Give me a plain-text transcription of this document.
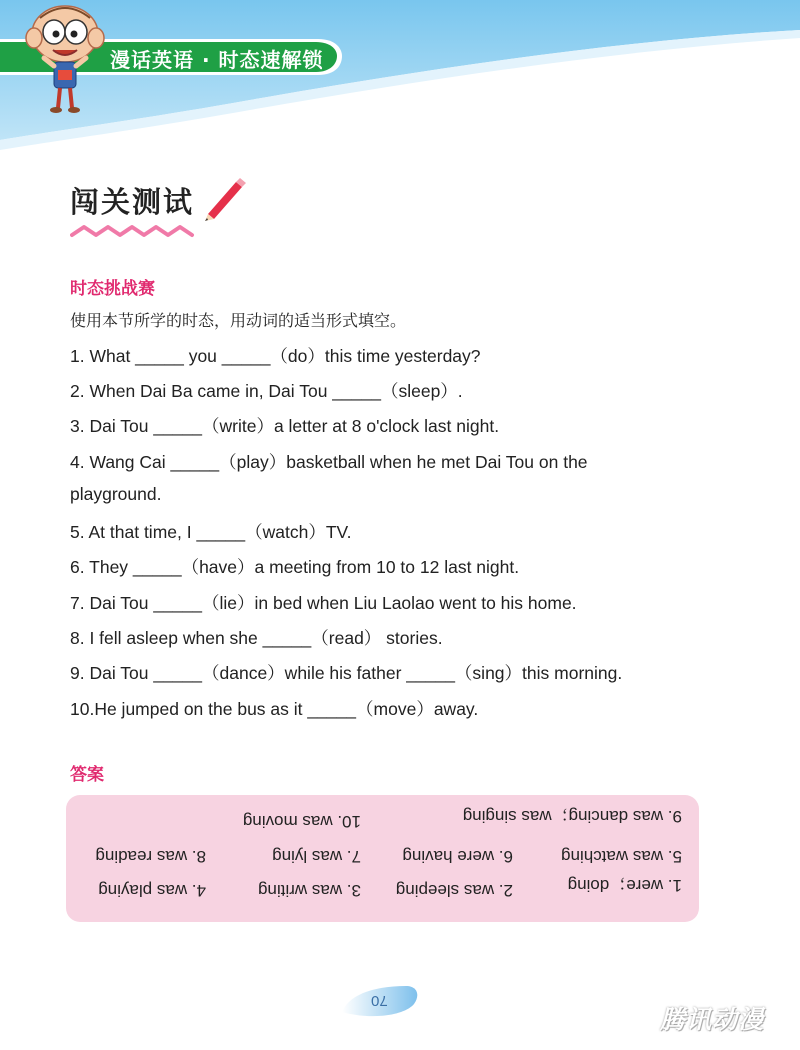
漫话英语 · 时态速解锁
闯关测试
时态挑战赛
使用本节所学的时态，用动词的适当形式填空。
1. What _____ you _____（do）this time yesterday?
2. When Dai Ba came in, Dai Tou _____（sleep）.
3. Dai Tou _____（write）a letter at 8 o'clock last night.
4. Wang Cai _____（play）basketball when he met Dai Tou on the
playground.
5. At that time, I _____（watch）TV.
6. They _____（have）a meeting from 10 to 12 last night.
7. Dai Tou _____（lie）in bed when Liu Laolao went to his home.
8. I fell asleep when she _____（read） stories.
9. Dai Tou _____（dance）while his father _____（sing）this morning.
10.He jumped on the bus as it _____（move）away.
答案

1. were；doing

2. was sleeping

3. was writing

4. was playing

5. was watching

6. were having

7. was lying

8. was reading

9. was dancing；was singing

10. was moving

70
腾讯动漫
